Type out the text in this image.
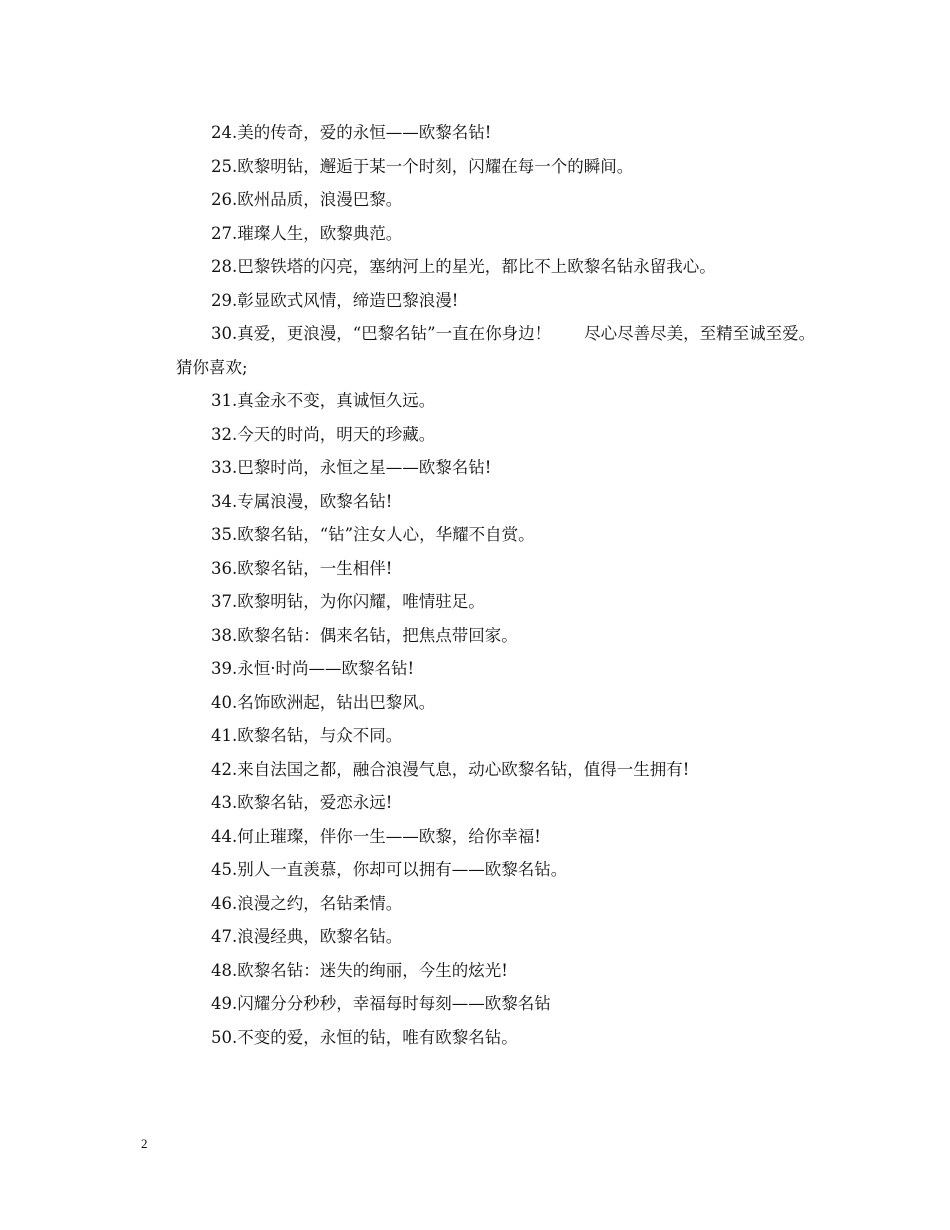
24.美的传奇，爱的永恒——欧黎名钻!

25.欧黎明钻，邂逅于某一个时刻，闪耀在每一个的瞬间。

26.欧州品质，浪漫巴黎。

27.璀璨人生，欧黎典范。

28.巴黎铁塔的闪亮，塞纳河上的星光，都比不上欧黎名钻永留我心。

29.彰显欧式风情，缔造巴黎浪漫!

30.真爱，更浪漫，“巴黎名钻”一直在你身边！　　尽心尽善尽美，至精至诚至爱。

猜你喜欢;

31.真金永不变，真诚恒久远。

32.今天的时尚，明天的珍藏。

33.巴黎时尚，永恒之星——欧黎名钻!

34.专属浪漫，欧黎名钻!

35.欧黎名钻，“钻”注女人心，华耀不自赏。

36.欧黎名钻，一生相伴!

37.欧黎明钻，为你闪耀，唯情驻足。

38.欧黎名钻：偶来名钻，把焦点带回家。

39.永恒·时尚——欧黎名钻!

40.名饰欧洲起，钻出巴黎风。

41.欧黎名钻，与众不同。

42.来自法国之都，融合浪漫气息，动心欧黎名钻，值得一生拥有!

43.欧黎名钻，爱恋永远!

44.何止璀璨，伴你一生——欧黎，给你幸福!

45.别人一直羡慕，你却可以拥有——欧黎名钻。

46.浪漫之约，名钻柔情。

47.浪漫经典，欧黎名钻。

48.欧黎名钻：迷失的绚丽，今生的炫光!

49.闪耀分分秒秒，幸福每时每刻——欧黎名钻

50.不变的爱，永恒的钻，唯有欧黎名钻。

2
